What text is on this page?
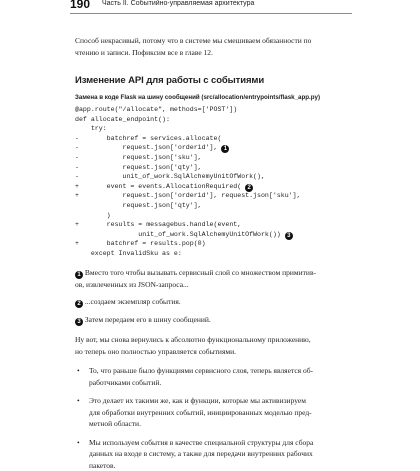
190 Часть II. Событийно-управляемая архитектура

Способ некрасивый, потому что в системе мы смешиваем обязанности по
чтению и записи. Пофиксим все в главе 12.

Изменение API для работы с событиями

Замена в коде Flask на шину сообщений (src/allocation/entrypoints/flask_app.py)

@app.route("/allocate", methods=['POST'])
def allocate_endpoint():
try:
-       batchref = services.allocate(
-           request.json['orderid'], 1
-           request.json['sku'],
-           request.json['qty'],
-           unit_of_work.SqlAlchemyUnitOfWork(),
+       event = events.AllocationRequired( 2
+           request.json['orderid'], request.json['sku'],
request.json['qty'],
)
+       results = messagebus.handle(event,
unit_of_work.SqlAlchemyUnitOfWork()) 3
+       batchref = results.pop(0)
except InvalidSku as e:

1 Вместо того чтобы вызывать сервисный слой со множеством примитив-
ов, извлеченных из JSON-запроса...

2 ...создаем экземпляр события.

3 Затем передаем его в шину сообщений.

Ну вот, мы снова вернулись к абсолютно функциональному приложению,
но теперь оно полностью управляется событиями.

• То, что раньше было функциями сервисного слоя, теперь является об-
работчиками событий.
• Это делает их такими же, как и функции, которые мы активизируем
для обработки внутренних событий, инициированных моделью пред-
метной области.
• Мы используем события в качестве специальной структуры для сбора
данных на входе в систему, а также для передачи внутренних рабочих
пакетов.
